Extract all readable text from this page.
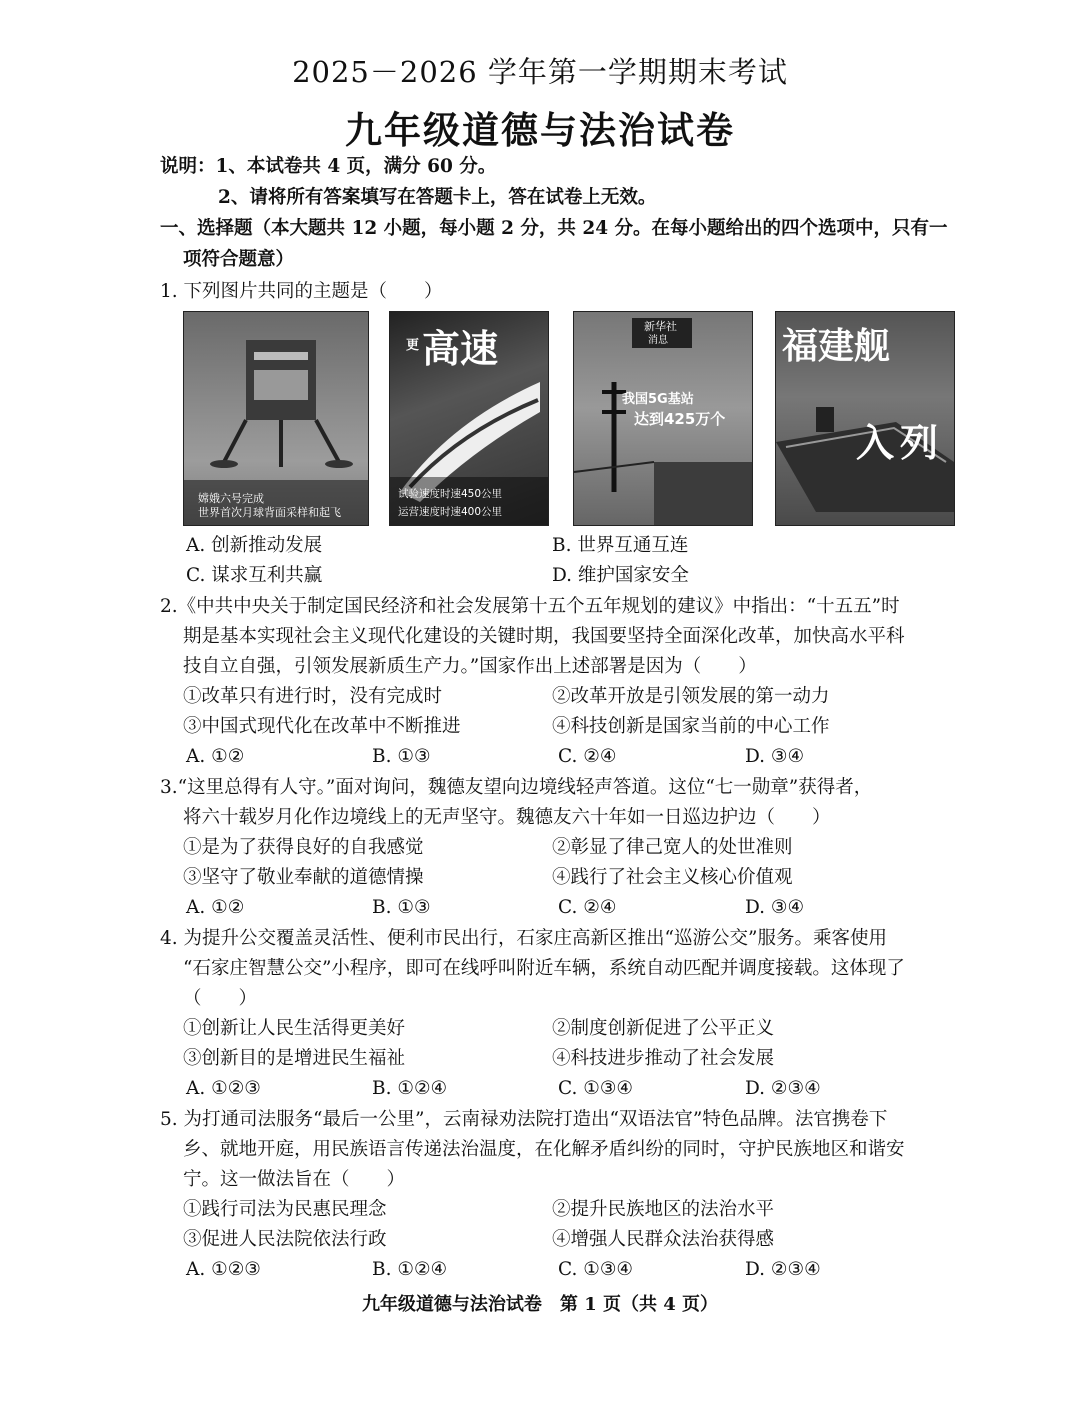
2025－2026 学年第一学期期末考试
九年级道德与法治试卷
说明：1、本试卷共 4 页，满分 60 分。
2、请将所有答案填写在答题卡上，答在试卷上无效。
一、选择题（本大题共 12 小题，每小题 2 分，共 24 分。在每小题给出的四个选项中，只有一
项符合题意）
1. 下列图片共同的主题是（　　）
嫦娥六号完成
世界首次月球背面采样和起飞
更 高速
试验速度时速450公里
运营速度时速400公里
新华社
消息
我国5G基站
达到425万个
福建舰
入列
A. 创新推动发展	B. 世界互通互连
C. 谋求互利共赢	D. 维护国家安全
2.《中共中央关于制定国民经济和社会发展第十五个五年规划的建议》中指出：“十五五”时
期是基本实现社会主义现代化建设的关键时期，我国要坚持全面深化改革，加快高水平科
技自立自强，引领发展新质生产力。”国家作出上述部署是因为（　　）
①改革只有进行时，没有完成时	②改革开放是引领发展的第一动力
③中国式现代化在改革中不断推进	④科技创新是国家当前的中心工作
A. ①②	B. ①③	C. ②④	D. ③④
3.“这里总得有人守。”面对询问，魏德友望向边境线轻声答道。这位“七一勋章”获得者，
将六十载岁月化作边境线上的无声坚守。魏德友六十年如一日巡边护边（　　）
①是为了获得良好的自我感觉	②彰显了律己宽人的处世准则
③坚守了敬业奉献的道德情操	④践行了社会主义核心价值观
A. ①②	B. ①③	C. ②④	D. ③④
4. 为提升公交覆盖灵活性、便利市民出行，石家庄高新区推出“巡游公交”服务。乘客使用
“石家庄智慧公交”小程序，即可在线呼叫附近车辆，系统自动匹配并调度接载。这体现了
（　　）
①创新让人民生活得更美好	②制度创新促进了公平正义
③创新目的是增进民生福祉	④科技进步推动了社会发展
A. ①②③	B. ①②④	C. ①③④	D. ②③④
5. 为打通司法服务“最后一公里”，云南禄劝法院打造出“双语法官”特色品牌。法官携卷下
乡、就地开庭，用民族语言传递法治温度，在化解矛盾纠纷的同时，守护民族地区和谐安
宁。这一做法旨在（　　）
①践行司法为民惠民理念	②提升民族地区的法治水平
③促进人民法院依法行政	④增强人民群众法治获得感
A. ①②③	B. ①②④	C. ①③④	D. ②③④
九年级道德与法治试卷　第 1 页（共 4 页）
